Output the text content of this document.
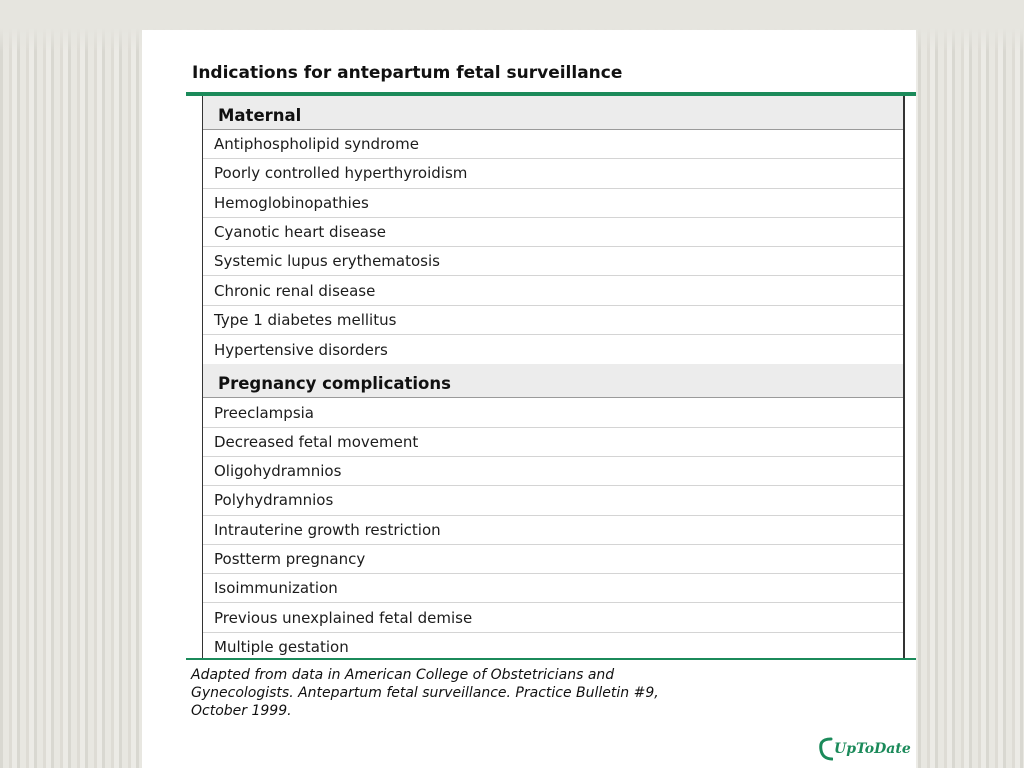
Indications for antepartum fetal surveillance
Maternal
Antiphospholipid syndrome
Poorly controlled hyperthyroidism
Hemoglobinopathies
Cyanotic heart disease
Systemic lupus erythematosis
Chronic renal disease
Type 1 diabetes mellitus
Hypertensive disorders
Pregnancy complications
Preeclampsia
Decreased fetal movement
Oligohydramnios
Polyhydramnios
Intrauterine growth restriction
Postterm pregnancy
Isoimmunization
Previous unexplained fetal demise
Multiple gestation

Adapted from data in American College of Obstetricians and
Gynecologists. Antepartum fetal surveillance. Practice Bulletin #9,
October 1999.

UpToDate
